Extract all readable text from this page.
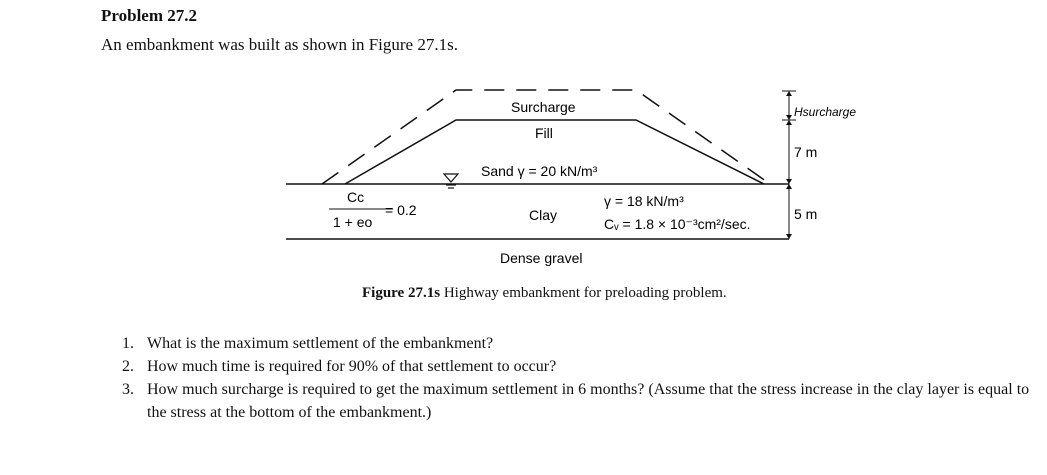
Problem 27.2
An embankment was built as shown in Figure 27.1s.
Surcharge
Fill
Sand γ = 20 kN/m³
Clay
γ = 18 kN/m³
Cᵥ = 1.8 × 10⁻³cm²/sec.
Cc
1 + eo
= 0.2
Dense gravel
Hsurcharge
7 m
5 m
Figure 27.1s Highway embankment for preloading problem.
1. What is the maximum settlement of the embankment?
2. How much time is required for 90% of that settlement to occur?
3. How much surcharge is required to get the maximum settlement in 6 months? (Assume that the stress increase in the clay layer is equal to the stress at the bottom of the embankment.)
